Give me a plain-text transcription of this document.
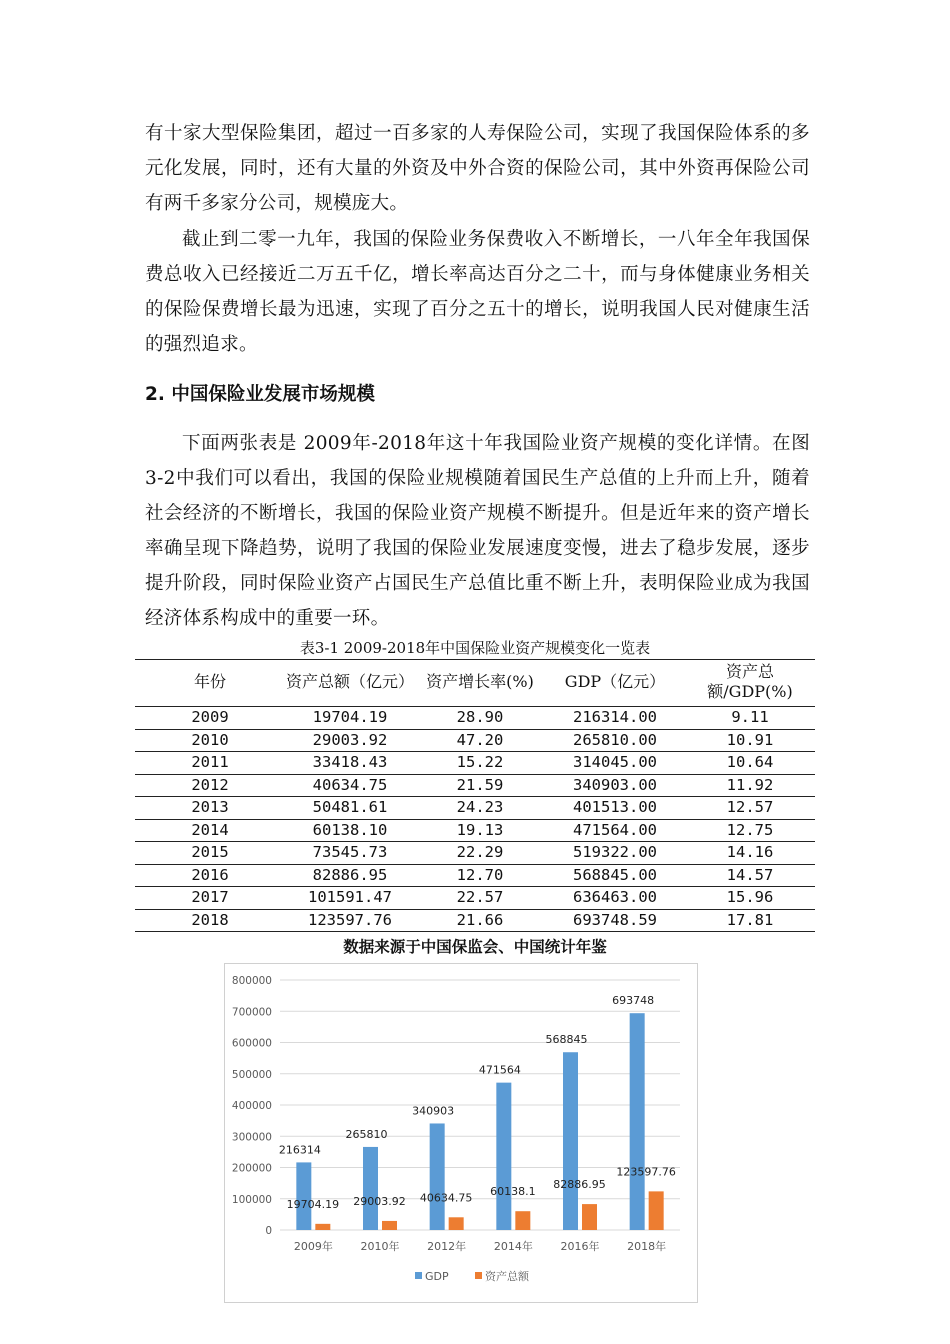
有十家大型保险集团，超过一百多家的人寿保险公司，实现了我国保险体系的多元化发展，同时，还有大量的外资及中外合资的保险公司，其中外资再保险公司有两千多家分公司，规模庞大。

截止到二零一九年，我国的保险业务保费收入不断增长，一八年全年我国保费总收入已经接近二万五千亿，增长率高达百分之二十，而与身体健康业务相关的保险保费增长最为迅速，实现了百分之五十的增长，说明我国人民对健康生活的强烈追求。

2. 中国保险业发展市场规模

下面两张表是 2009年-2018年这十年我国险业资产规模的变化详情。在图3-2中我们可以看出，我国的保险业规模随着国民生产总值的上升而上升，随着社会经济的不断增长，我国的保险业资产规模不断提升。但是近年来的资产增长率确呈现下降趋势，说明了我国的保险业发展速度变慢，进去了稳步发展，逐步提升阶段，同时保险业资产占国民生产总值比重不断上升，表明保险业成为我国经济体系构成中的重要一环。

表3-1 2009-2018年中国保险业资产规模变化一览表
年份	资产总额（亿元）	资产增长率(%)	GDP（亿元）	资产总额/GDP(%)
2009	19704.19	28.90	216314.00	9.11
2010	29003.92	47.20	265810.00	10.91
2011	33418.43	15.22	314045.00	10.64
2012	40634.75	21.59	340903.00	11.92
2013	50481.61	24.23	401513.00	12.57
2014	60138.10	19.13	471564.00	12.75
2015	73545.73	22.29	519322.00	14.16
2016	82886.95	12.70	568845.00	14.57
2017	101591.47	22.57	636463.00	15.96
2018	123597.76	21.66	693748.59	17.81
数据来源于中国保监会、中国统计年鉴
0
100000
200000
300000
400000
500000
600000
700000
800000
2009年
216314
19704.19
2010年
265810
29003.92
2012年
340903
40634.75
2014年
471564
60138.1
2016年
568845
82886.95
2018年
693748
123597.76
GDP	资产总额
